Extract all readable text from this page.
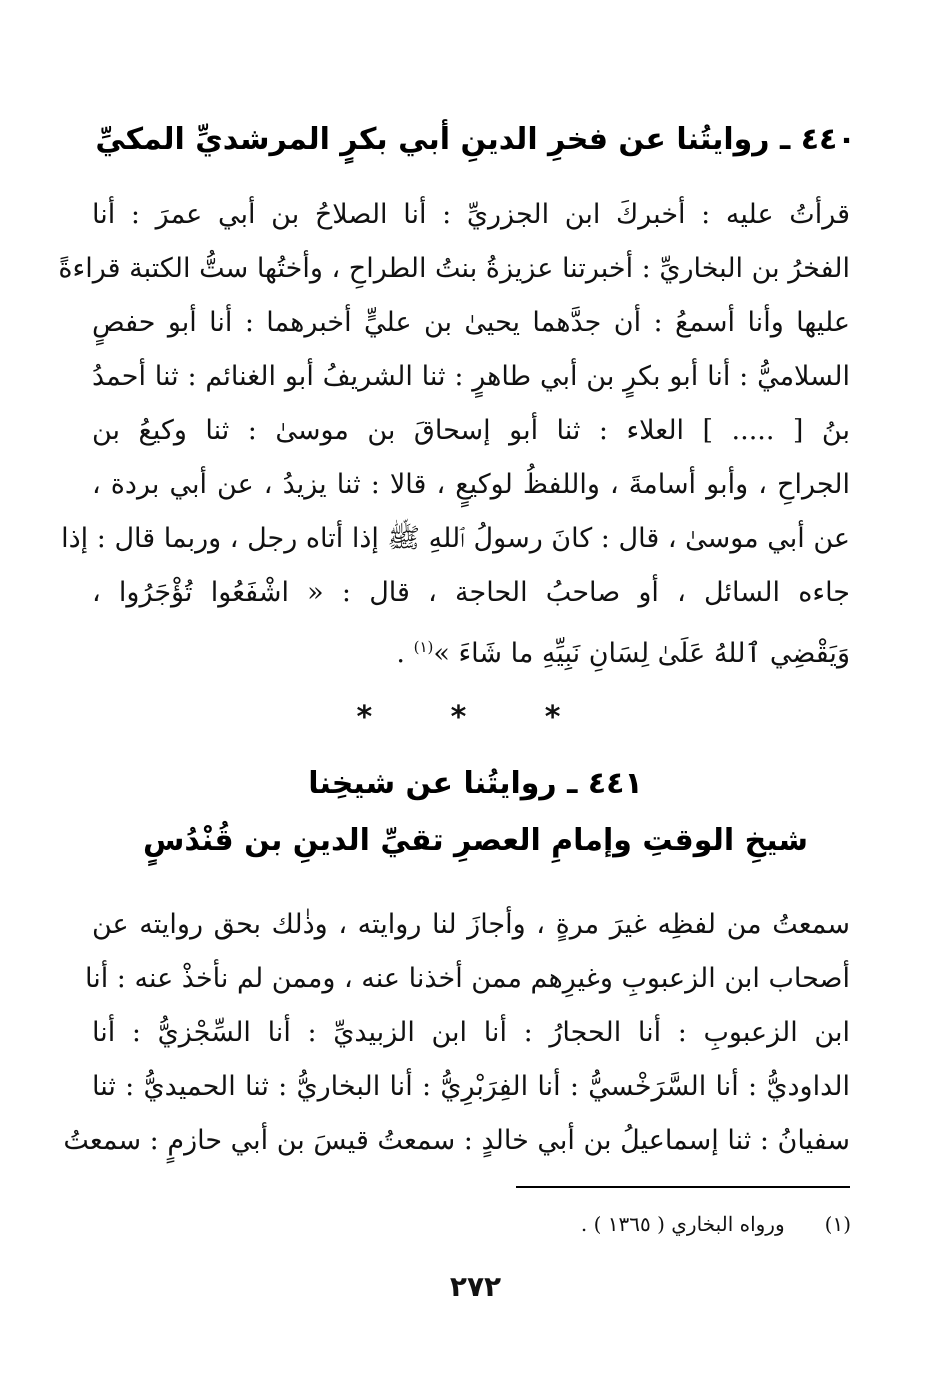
٤٤٠ ـ روايتُنا عن فخرِ الدينِ أبي بكرٍ المرشديِّ المكيِّ
قرأتُ عليه : أخبركَ ابن الجزريِّ : أنا الصلاحُ بن أبي عمرَ : أنا
الفخرُ بن البخاريِّ : أخبرتنا عزيزةُ بنتُ الطراحِ ، وأختُها ستُّ الكتبة قراءةً
عليها وأنا أسمعُ : أن جدَّهما يحيىٰ بن عليٍّ أخبرهما : أنا أبو حفصٍ
السلاميُّ : أنا أبو بكرٍ بن أبي طاهرٍ : ثنا الشريفُ أبو الغنائم : ثنا أحمدُ
بنُ [ ..... ] العلاء : ثنا أبو إسحاقَ بن موسىٰ : ثنا وكيعُ بن
الجراحِ ، وأبو أسامةَ ، واللفظُ لوكيعٍ ، قالا : ثنا يزيدُ ، عن أبي بردة ،
عن أبي موسىٰ ، قال : كانَ رسولُ ٱللهِ ﷺ إذا أتاه رجل ، وربما قال : إذا
جاءه السائل ، أو صاحبُ الحاجة ، قال : « اشْفَعُوا تُؤْجَرُوا ،
وَيَقْضِي ٱللهُ عَلَىٰ لِسَانِ نَبِيِّهِ ما شَاءَ »$^{(١)}$ .
* * *
٤٤١ ـ روايتُنا عن شيخِنا
شيخِ الوقتِ وإمامِ العصرِ تقيِّ الدينِ بن قُنْدُسٍ
سمعتُ من لفظِه غيرَ مرةٍ ، وأجازَ لنا روايته ، وذٰلك بحق روايته عن
أصحاب ابن الزعبوبِ وغيرِهم ممن أخذنا عنه ، وممن لم نأخذْ عنه : أنا
ابن الزعبوبِ : أنا الحجارُ : أنا ابن الزبيديِّ : أنا السِّجْزيُّ : أنا
الداوديُّ : أنا السَّرَخْسيُّ : أنا الفِرَبْرِيُّ : أنا البخاريُّ : ثنا الحميديُّ : ثنا
سفيانُ : ثنا إسماعيلُ بن أبي خالدٍ : سمعتُ قيسَ بن أبي حازمٍ : سمعتُ
(١)ورواه البخاري ( ١٣٦٥ ) .
٢٧٢
